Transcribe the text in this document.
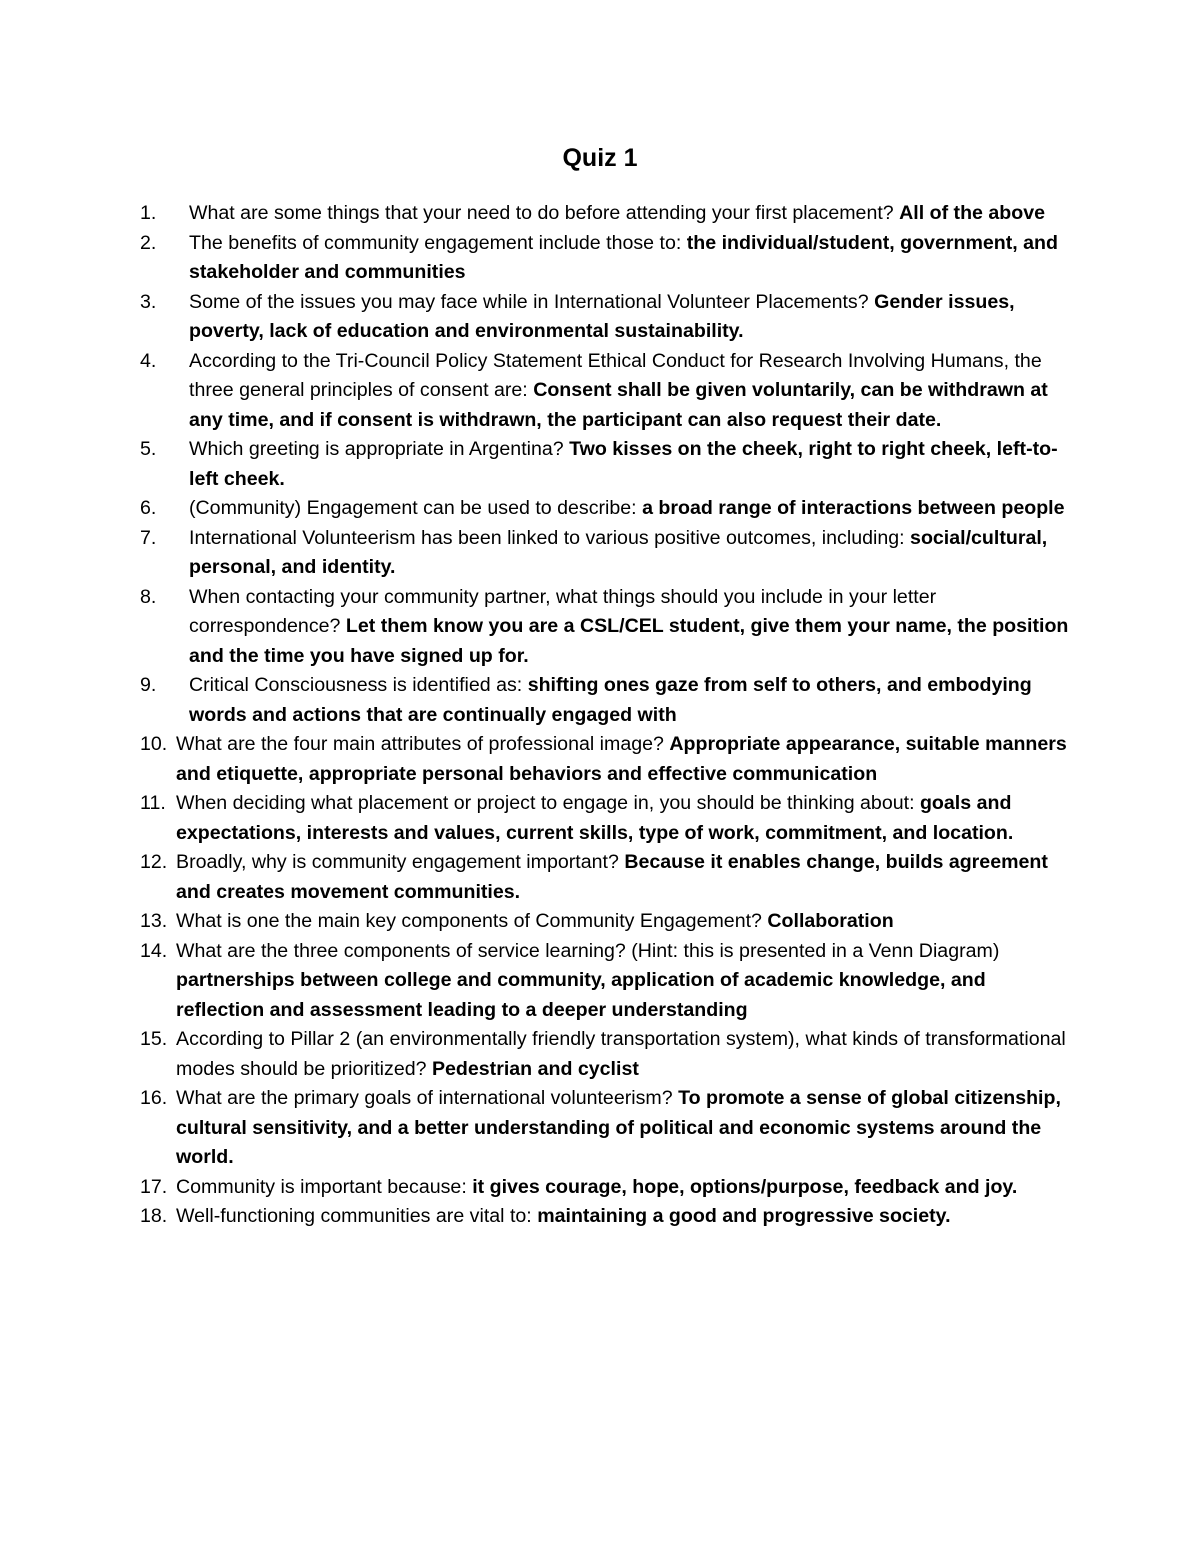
Quiz 1
1.	What are some things that your need to do before attending your first placement? All of the above
2.	The benefits of community engagement include those to: the individual/student, government, and stakeholder and communities
3.	Some of the issues you may face while in International Volunteer Placements? Gender issues, poverty, lack of education and environmental sustainability.
4.	According to the Tri-Council Policy Statement Ethical Conduct for Research Involving Humans, the three general principles of consent are: Consent shall be given voluntarily, can be withdrawn at any time, and if consent is withdrawn, the participant can also request their date.
5.	Which greeting is appropriate in Argentina? Two kisses on the cheek, right to right cheek, left-to-left cheek.
6.	(Community) Engagement can be used to describe: a broad range of interactions between people
7.	International Volunteerism has been linked to various positive outcomes, including: social/cultural, personal, and identity.
8.	When contacting your community partner, what things should you include in your letter correspondence? Let them know you are a CSL/CEL student, give them your name, the position and the time you have signed up for.
9.	Critical Consciousness is identified as: shifting ones gaze from self to others, and embodying words and actions that are continually engaged with
10. What are the four main attributes of professional image? Appropriate appearance, suitable manners and etiquette, appropriate personal behaviors and effective communication
11. When deciding what placement or project to engage in, you should be thinking about: goals and expectations, interests and values, current skills, type of work, commitment, and location.
12. Broadly, why is community engagement important? Because it enables change, builds agreement and creates movement communities.
13. What is one the main key components of Community Engagement? Collaboration
14. What are the three components of service learning? (Hint: this is presented in a Venn Diagram) partnerships between college and community, application of academic knowledge, and reflection and assessment leading to a deeper understanding
15. According to Pillar 2 (an environmentally friendly transportation system), what kinds of transformational modes should be prioritized? Pedestrian and cyclist
16. What are the primary goals of international volunteerism? To promote a sense of global citizenship, cultural sensitivity, and a better understanding of political and economic systems around the world.
17. Community is important because: it gives courage, hope, options/purpose, feedback and joy.
18. Well-functioning communities are vital to: maintaining a good and progressive society.
